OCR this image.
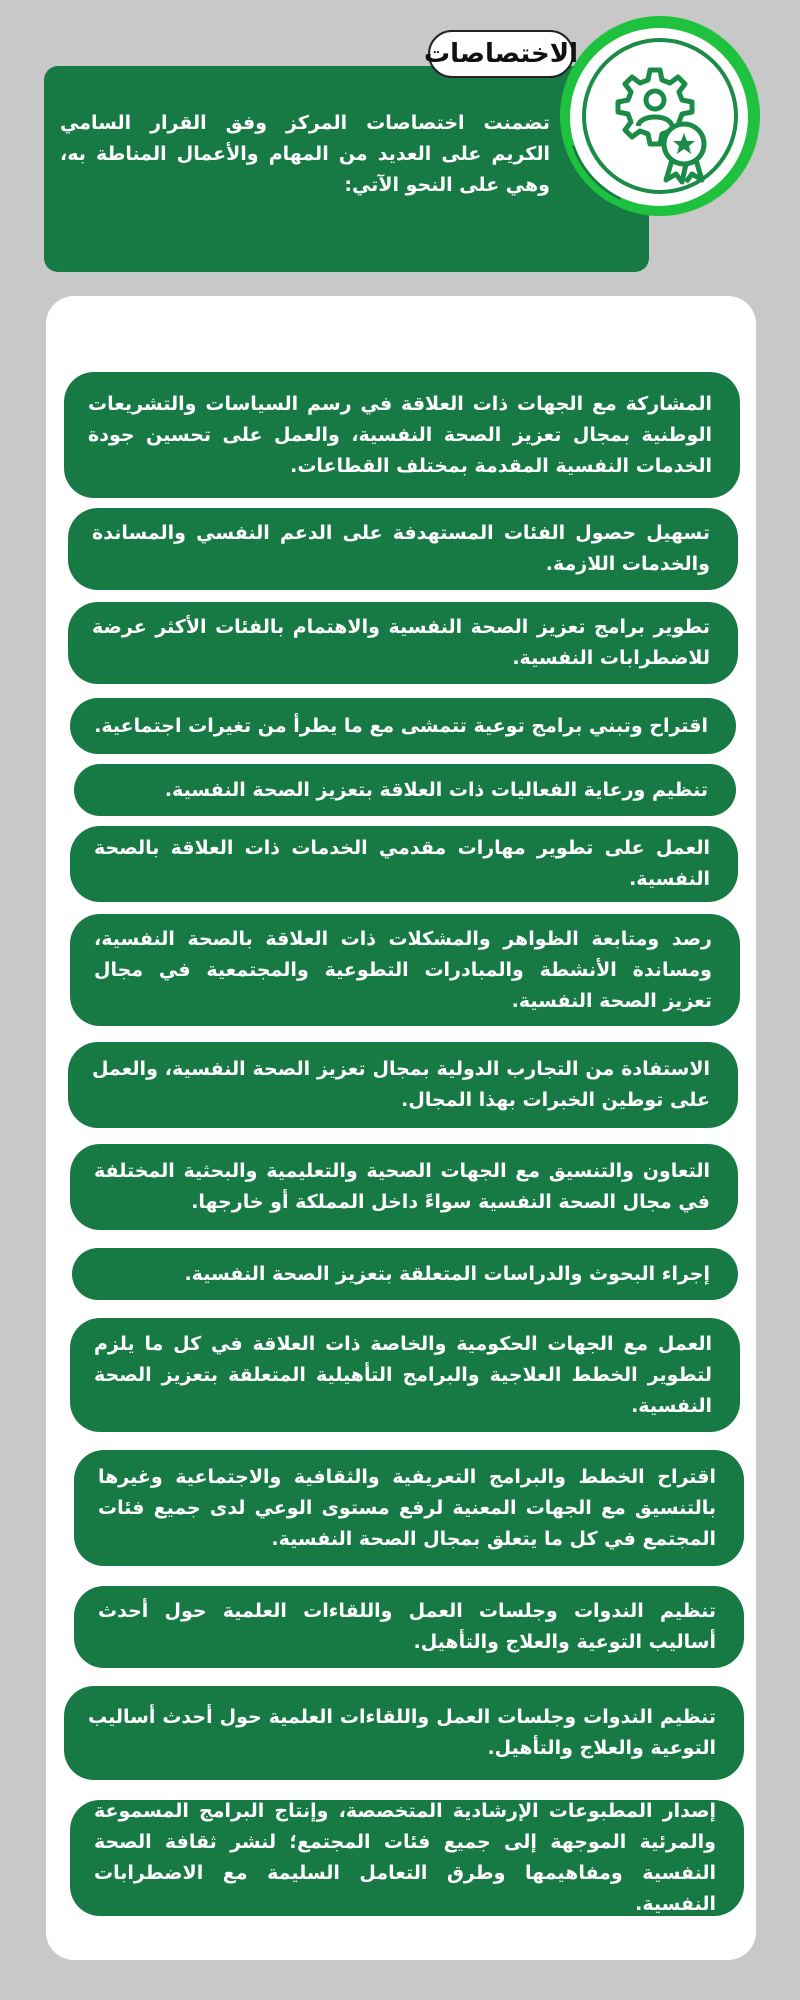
تضمنت اختصاصات المركز وفق القرار السامي الكريم على العديد من المهام والأعمال المناطة به، وهي على النحو الآتي:
الاختصاصات
المشاركة مع الجهات ذات العلاقة في رسم السياسات والتشريعات الوطنية بمجال تعزيز الصحة النفسية، والعمل على تحسين جودة الخدمات النفسية المقدمة بمختلف القطاعات.
تسهيل حصول الفئات المستهدفة على الدعم النفسي والمساندة والخدمات اللازمة.
تطوير برامج تعزيز الصحة النفسية والاهتمام بالفئات الأكثر عرضة للاضطرابات النفسية.
اقتراح وتبني برامج توعية تتمشى مع ما يطرأ من تغيرات اجتماعية.
تنظيم ورعاية الفعاليات ذات العلاقة بتعزيز الصحة النفسية.
العمل على تطوير مهارات مقدمي الخدمات ذات العلاقة بالصحة النفسية.
رصد ومتابعة الظواهر والمشكلات ذات العلاقة بالصحة النفسية، ومساندة الأنشطة والمبادرات التطوعية والمجتمعية في مجال تعزيز الصحة النفسية.
الاستفادة من التجارب الدولية بمجال تعزيز الصحة النفسية، والعمل على توطين الخبرات بهذا المجال.
التعاون والتنسيق مع الجهات الصحية والتعليمية والبحثية المختلفة في مجال الصحة النفسية سواءً داخل المملكة أو خارجها.
إجراء البحوث والدراسات المتعلقة بتعزيز الصحة النفسية.
العمل مع الجهات الحكومية والخاصة ذات العلاقة في كل ما يلزم لتطوير الخطط العلاجية والبرامج التأهيلية المتعلقة بتعزيز الصحة النفسية.
اقتراح الخطط والبرامج التعريفية والثقافية والاجتماعية وغيرها بالتنسيق مع الجهات المعنية لرفع مستوى الوعي لدى جميع فئات المجتمع في كل ما يتعلق بمجال الصحة النفسية.
تنظيم الندوات وجلسات العمل واللقاءات العلمية حول أحدث أساليب التوعية والعلاج والتأهيل.
تنظيم الندوات وجلسات العمل واللقاءات العلمية حول أحدث أساليب التوعية والعلاج والتأهيل.
إصدار المطبوعات الإرشادية المتخصصة، وإنتاج البرامج المسموعة والمرئية الموجهة إلى جميع فئات المجتمع؛ لنشر ثقافة الصحة النفسية ومفاهيمها وطرق التعامل السليمة مع الاضطرابات النفسية.
